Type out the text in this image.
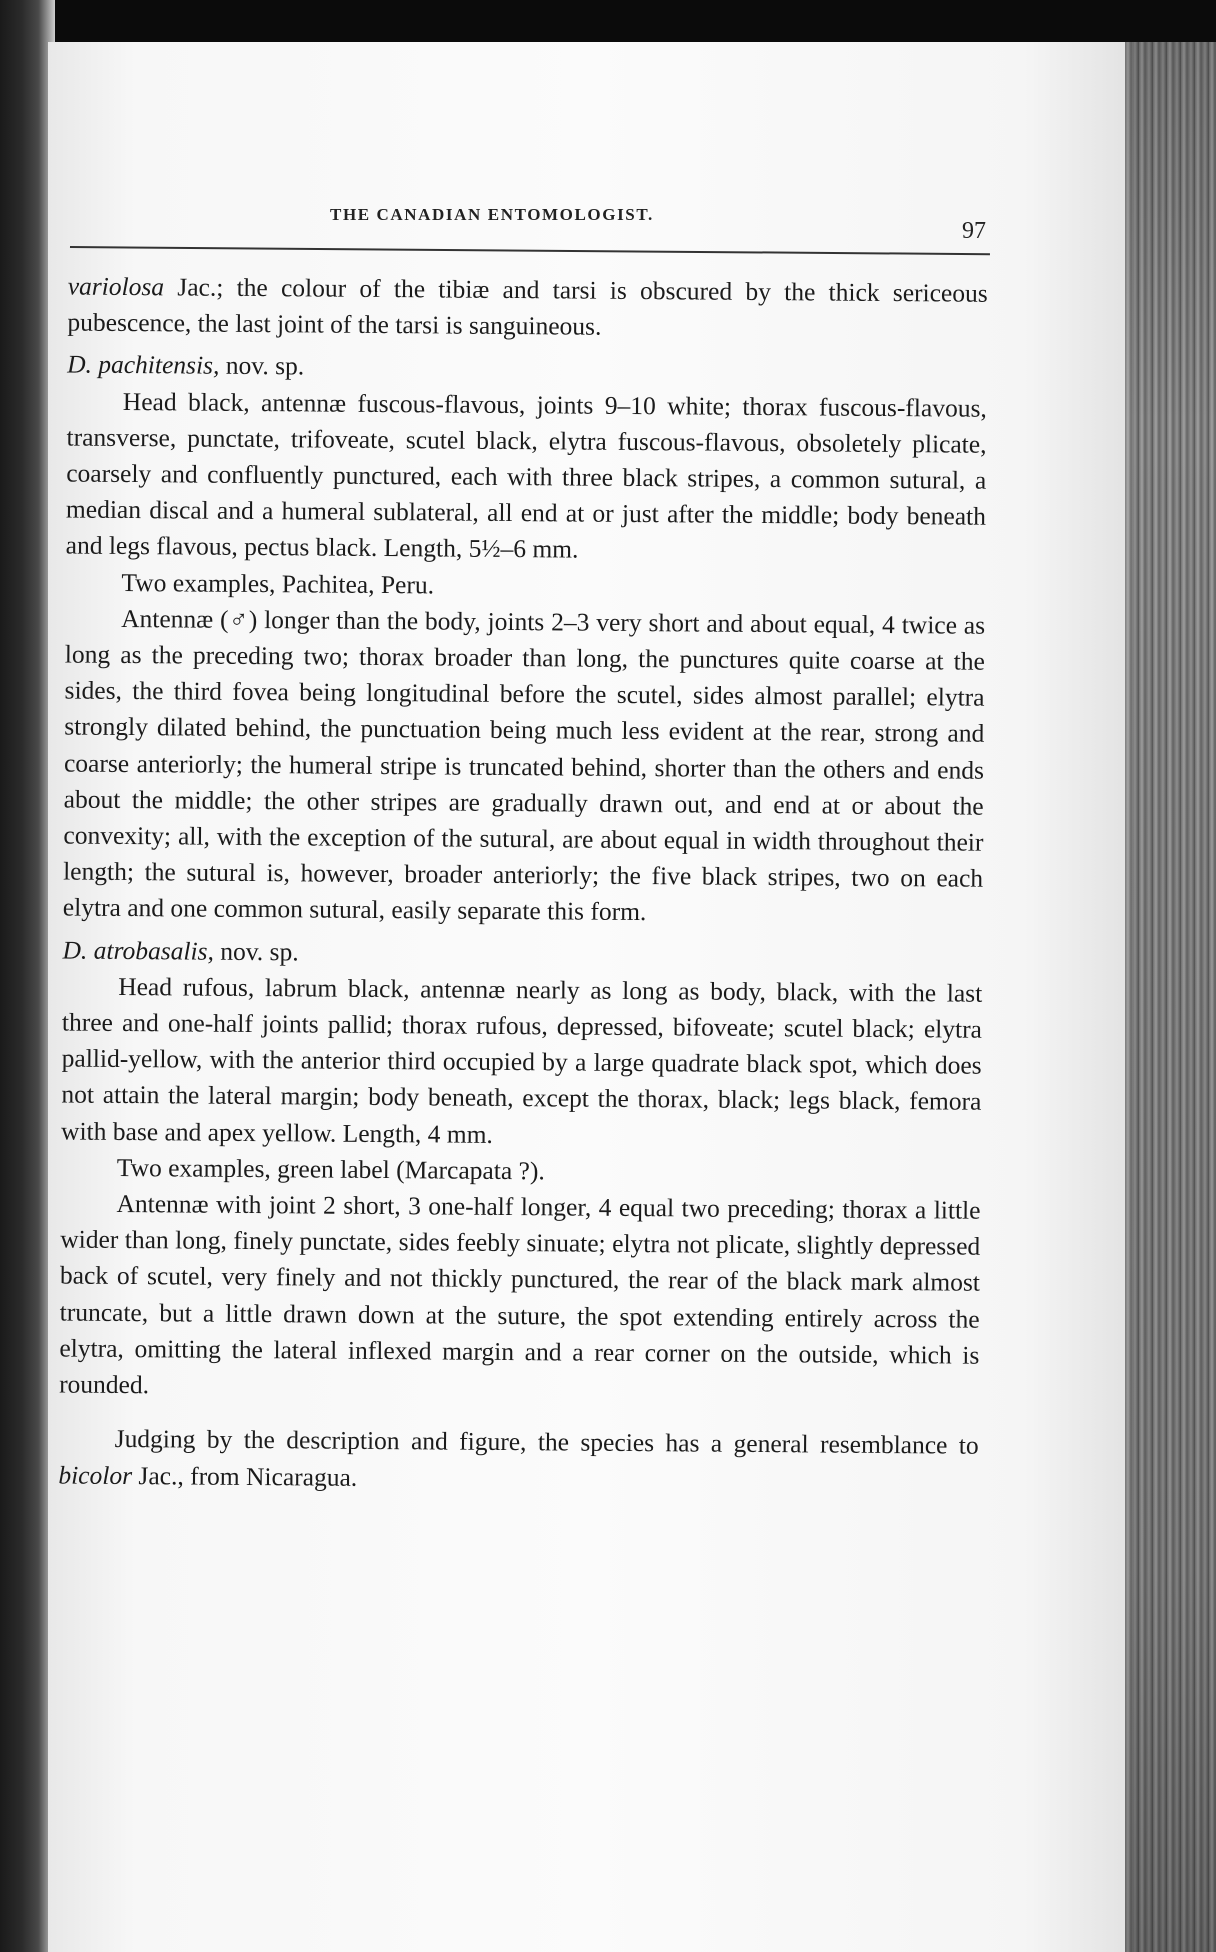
THE CANADIAN ENTOMOLOGIST.
97

variolosa Jac.; the colour of the tibiæ and tarsi is obscured by the thick sericeous pubescence, the last joint of the tarsi is sanguineous.

D. pachitensis, nov. sp.

Head black, antennæ fuscous-flavous, joints 9–10 white; thorax fuscous-flavous, transverse, punctate, trifoveate, scutel black, elytra fuscous-flavous, obsoletely plicate, coarsely and confluently punctured, each with three black stripes, a common sutural, a median discal and a humeral sublateral, all end at or just after the middle; body beneath and legs flavous, pectus black. Length, 5½–6 mm.

Two examples, Pachitea, Peru.

Antennæ (♂) longer than the body, joints 2–3 very short and about equal, 4 twice as long as the preceding two; thorax broader than long, the punctures quite coarse at the sides, the third fovea being longitudinal before the scutel, sides almost parallel; elytra strongly dilated behind, the punctuation being much less evident at the rear, strong and coarse anteriorly; the humeral stripe is truncated behind, shorter than the others and ends about the middle; the other stripes are gradually drawn out, and end at or about the convexity; all, with the exception of the sutural, are about equal in width throughout their length; the sutural is, however, broader anteriorly; the five black stripes, two on each elytra and one common sutural, easily separate this form.

D. atrobasalis, nov. sp.

Head rufous, labrum black, antennæ nearly as long as body, black, with the last three and one-half joints pallid; thorax rufous, depressed, bifoveate; scutel black; elytra pallid-yellow, with the anterior third occupied by a large quadrate black spot, which does not attain the lateral margin; body beneath, except the thorax, black; legs black, femora with base and apex yellow. Length, 4 mm.

Two examples, green label (Marcapata ?).

Antennæ with joint 2 short, 3 one-half longer, 4 equal two preceding; thorax a little wider than long, finely punctate, sides feebly sinuate; elytra not plicate, slightly depressed back of scutel, very finely and not thickly punctured, the rear of the black mark almost truncate, but a little drawn down at the suture, the spot extending entirely across the elytra, omitting the lateral inflexed margin and a rear corner on the outside, which is rounded.

Judging by the description and figure, the species has a general resemblance to bicolor Jac., from Nicaragua.
